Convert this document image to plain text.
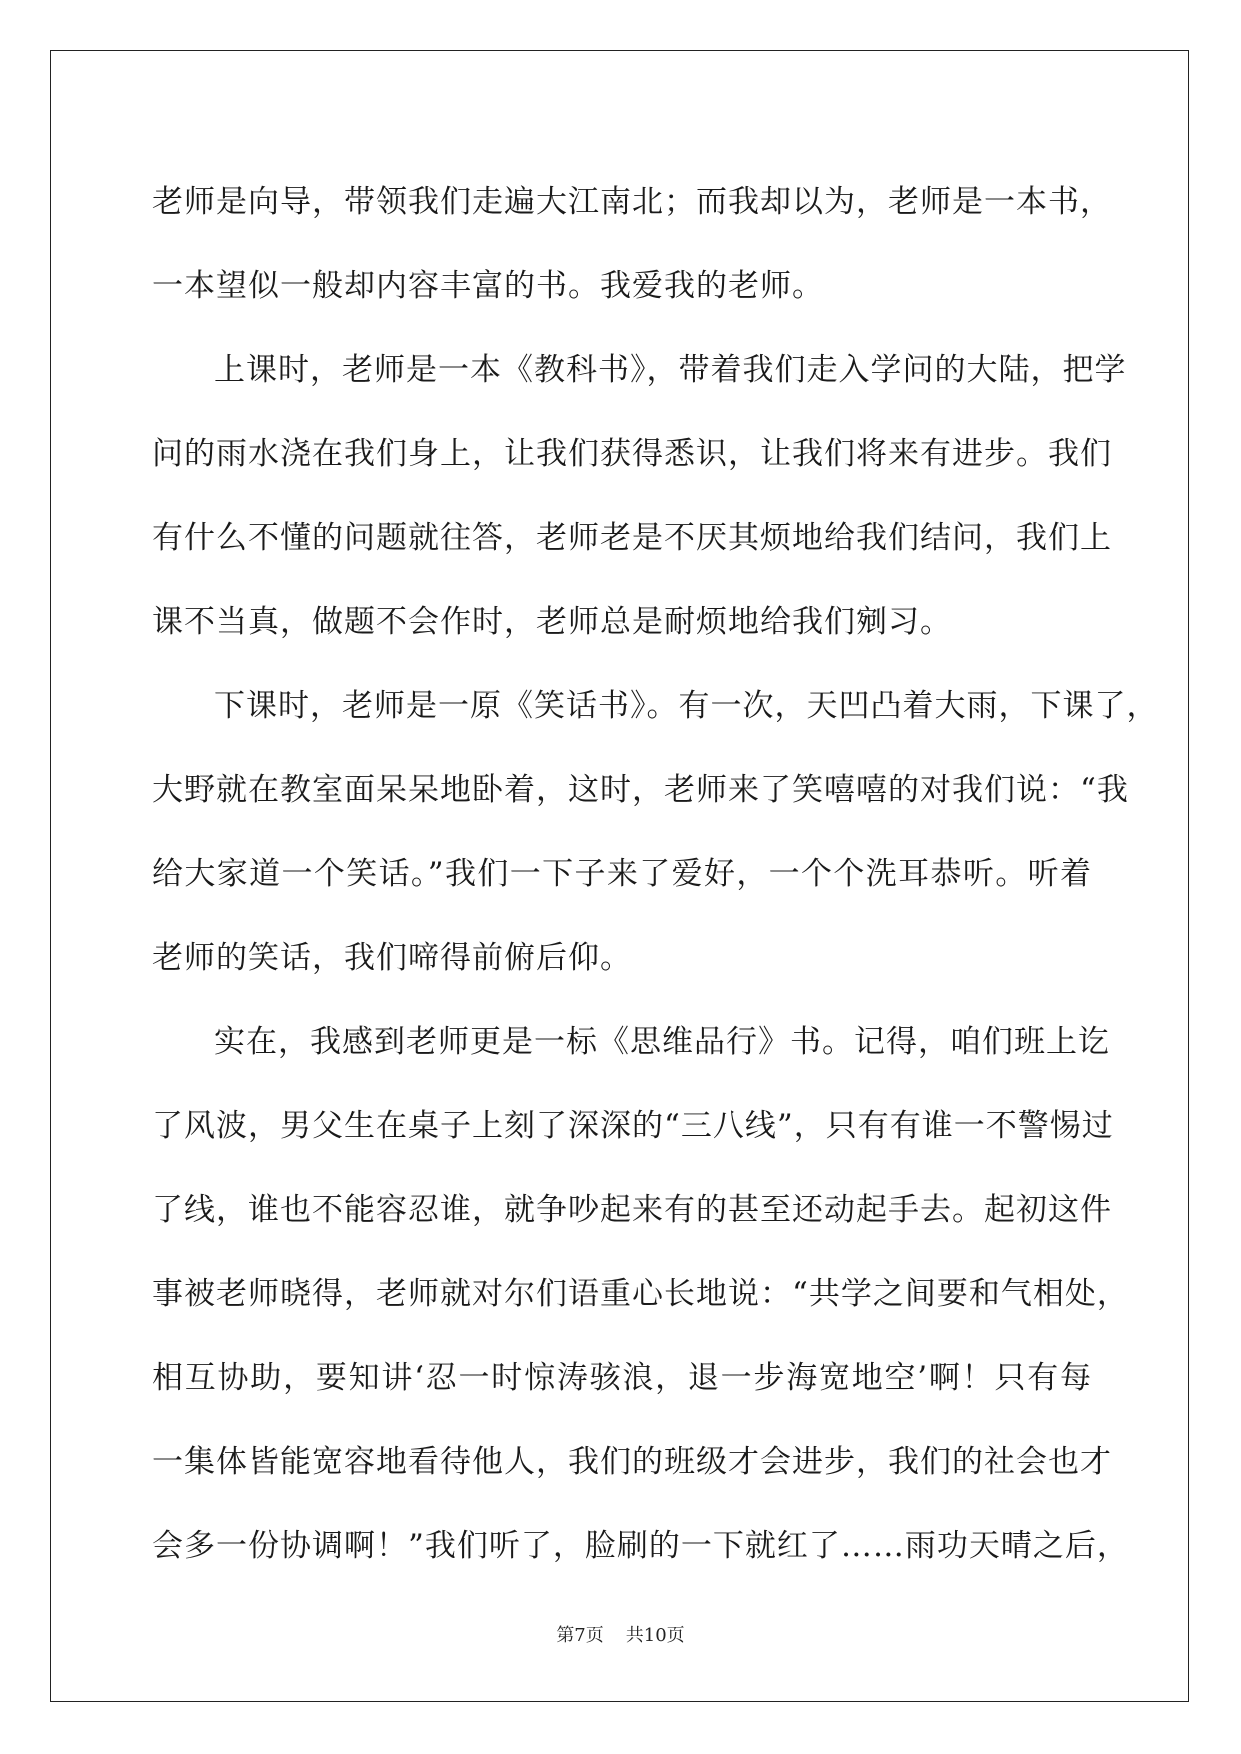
老师是向导，带领我们走遍大江南北；而我却以为，老师是一本书，
一本望似一般却内容丰富的书。我爱我的老师。
上课时，老师是一本《教科书》，带着我们走入学问的大陆，把学
问的雨水浇在我们身上，让我们获得悉识，让我们将来有进步。我们
有什么不懂的问题就往答，老师老是不厌其烦地给我们结问，我们上
课不当真，做题不会作时，老师总是耐烦地给我们剜习。
下课时，老师是一原《笑话书》。有一次，天凹凸着大雨，下课了，
大野就在教室面呆呆地卧着，这时，老师来了笑嘻嘻的对我们说：“我
给大家道一个笑话。”我们一下子来了爱好，一个个洗耳恭听。听着
老师的笑话，我们啼得前俯后仰。
实在，我感到老师更是一标《思维品行》书。记得，咱们班上讫
了风波，男父生在桌子上刻了深深的“三八线”，只有有谁一不警惕过
了线，谁也不能容忍谁，就争吵起来有的甚至还动起手去。起初这件
事被老师晓得，老师就对尔们语重心长地说：“共学之间要和气相处，
相互协助，要知讲‘忍一时惊涛骇浪，退一步海宽地空’啊！只有每
一集体皆能宽容地看待他人，我们的班级才会进步，我们的社会也才
会多一份协调啊！”我们听了，脸刷的一下就红了……雨功天晴之后，
第7页 共10页
